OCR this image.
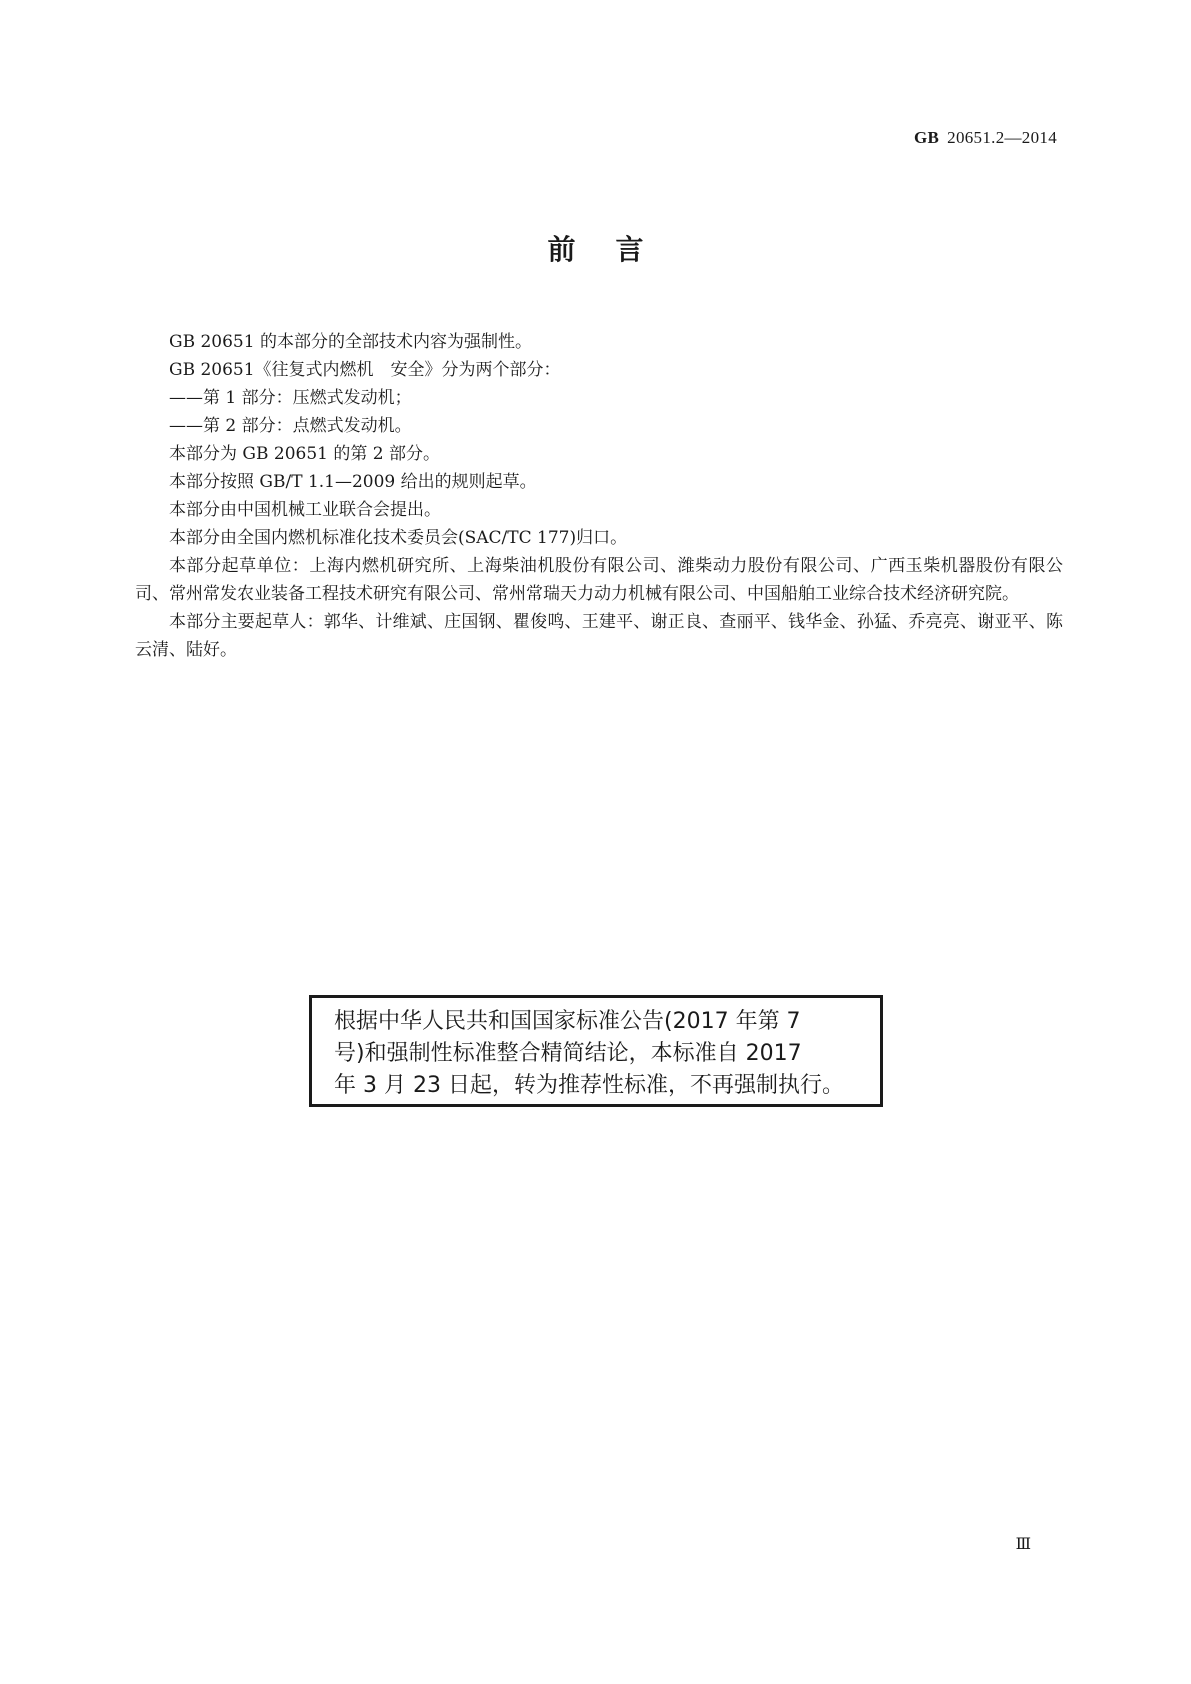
GB 20651.2—2014
前言

GB 20651 的本部分的全部技术内容为强制性。

GB 20651《往复式内燃机　安全》分为两个部分：

——第 1 部分：压燃式发动机；

——第 2 部分：点燃式发动机。

本部分为 GB 20651 的第 2 部分。

本部分按照 GB/T 1.1—2009 给出的规则起草。

本部分由中国机械工业联合会提出。

本部分由全国内燃机标准化技术委员会(SAC/TC 177)归口。

本部分起草单位：上海内燃机研究所、上海柴油机股份有限公司、潍柴动力股份有限公司、广西玉柴机器股份有限公司、常州常发农业装备工程技术研究有限公司、常州常瑞天力动力机械有限公司、中国船舶工业综合技术经济研究院。

本部分主要起草人：郭华、计维斌、庄国钢、瞿俊鸣、王建平、谢正良、查丽平、钱华金、孙猛、乔亮亮、谢亚平、陈云清、陆好。

根据中华人民共和国国家标准公告(2017 年第 7
号)和强制性标准整合精简结论，本标准自 2017
年 3 月 23 日起，转为推荐性标准，不再强制执行。
Ⅲ
